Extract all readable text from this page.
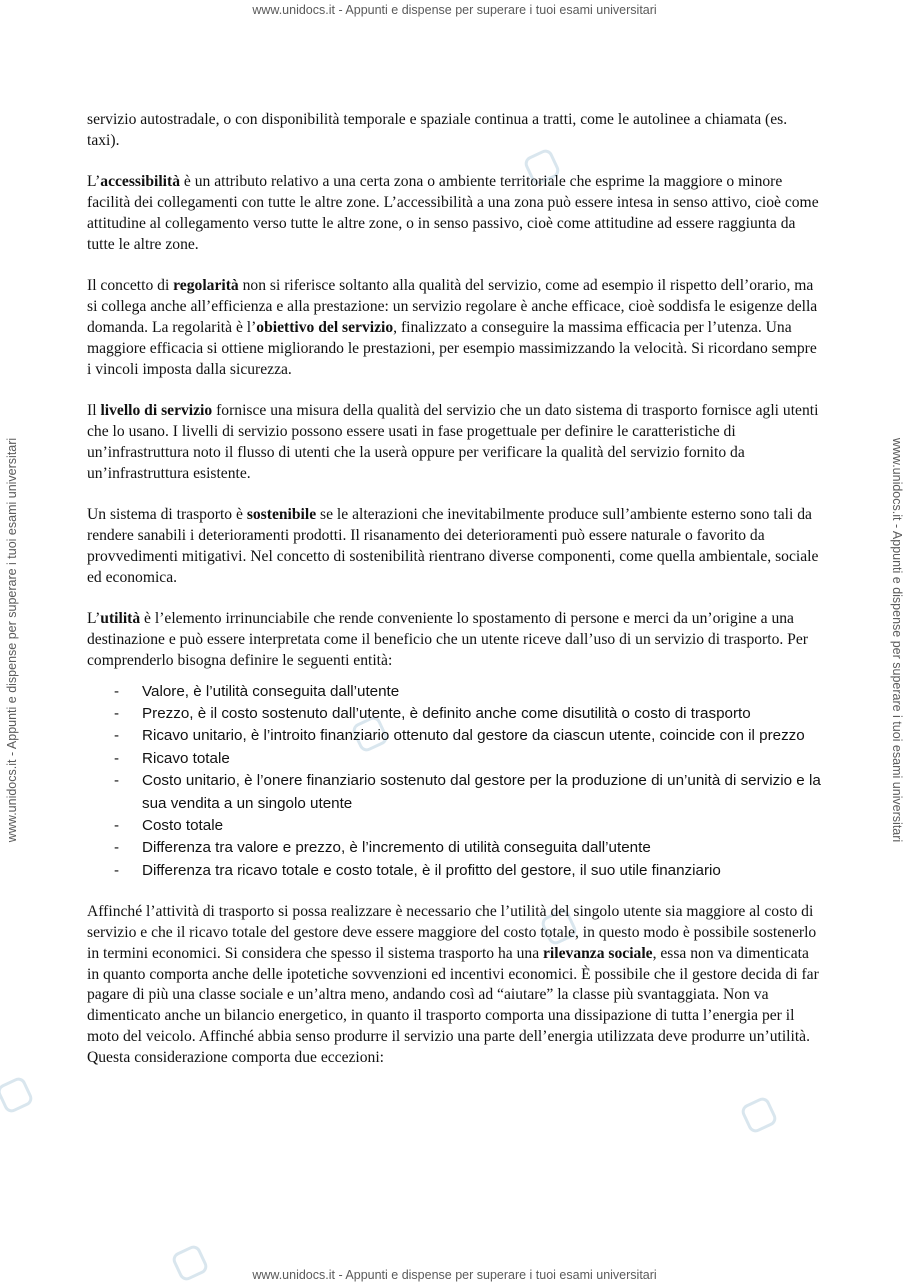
www.unidocs.it - Appunti e dispense per superare i tuoi esami universitari
www.unidocs.it - Appunti e dispense per superare i tuoi esami universitari
www.unidocs.it - Appunti e dispense per superare i tuoi esami universitari	www.unidocs.it - Appunti e dispense per superare i tuoi esami universitari

servizio autostradale, o con disponibilità temporale e spaziale continua a tratti, come le autolinee a chiamata (es. taxi).

L’accessibilità è un attributo relativo a una certa zona o ambiente territoriale che esprime la maggiore o minore facilità dei collegamenti con tutte le altre zone. L’accessibilità a una zona può essere intesa in senso attivo, cioè come attitudine al collegamento verso tutte le altre zone, o in senso passivo, cioè come attitudine ad essere raggiunta da tutte le altre zone.

Il concetto di regolarità non si riferisce soltanto alla qualità del servizio, come ad esempio il rispetto dell’orario, ma si collega anche all’efficienza e alla prestazione: un servizio regolare è anche efficace, cioè soddisfa le esigenze della domanda. La regolarità è l’obiettivo del servizio, finalizzato a conseguire la massima efficacia per l’utenza. Una maggiore efficacia si ottiene migliorando le prestazioni, per esempio massimizzando la velocità. Si ricordano sempre i vincoli imposta dalla sicurezza.

Il livello di servizio fornisce una misura della qualità del servizio che un dato sistema di trasporto fornisce agli utenti che lo usano. I livelli di servizio possono essere usati in fase progettuale per definire le caratteristiche di un’infrastruttura noto il flusso di utenti che la userà oppure per verificare la qualità del servizio fornito da un’infrastruttura esistente.

Un sistema di trasporto è sostenibile se le alterazioni che inevitabilmente produce sull’ambiente esterno sono tali da rendere sanabili i deterioramenti prodotti. Il risanamento dei deterioramenti può essere naturale o favorito da provvedimenti mitigativi. Nel concetto di sostenibilità rientrano diverse componenti, come quella ambientale, sociale ed economica.

L’utilità è l’elemento irrinunciabile che rende conveniente lo spostamento di persone e merci da un’origine a una destinazione e può essere interpretata come il beneficio che un utente riceve dall’uso di un servizio di trasporto. Per comprenderlo bisogna definire le seguenti entità:

- Valore, è l’utilità conseguita dall’utente
- Prezzo, è il costo sostenuto dall’utente, è definito anche come disutilità o costo di trasporto
- Ricavo unitario, è l’introito finanziario ottenuto dal gestore da ciascun utente, coincide con il prezzo
- Ricavo totale
- Costo unitario, è l’onere finanziario sostenuto dal gestore per la produzione di un’unità di servizio e la sua vendita a un singolo utente
- Costo totale
- Differenza tra valore e prezzo, è l’incremento di utilità conseguita dall’utente
- Differenza tra ricavo totale e costo totale, è il profitto del gestore, il suo utile finanziario

Affinché l’attività di trasporto si possa realizzare è necessario che l’utilità del singolo utente sia maggiore al costo di servizio e che il ricavo totale del gestore deve essere maggiore del costo totale, in questo modo è possibile sostenerlo in termini economici. Si considera che spesso il sistema trasporto ha una rilevanza sociale, essa non va dimenticata in quanto comporta anche delle ipotetiche sovvenzioni ed incentivi economici. È possibile che il gestore decida di far pagare di più una classe sociale e un’altra meno, andando così ad “aiutare” la classe più svantaggiata. Non va dimenticato anche un bilancio energetico, in quanto il trasporto comporta una dissipazione di tutta l’energia per il moto del veicolo. Affinché abbia senso produrre il servizio una parte dell’energia utilizzata deve produrre un’utilità. Questa considerazione comporta due eccezioni:
